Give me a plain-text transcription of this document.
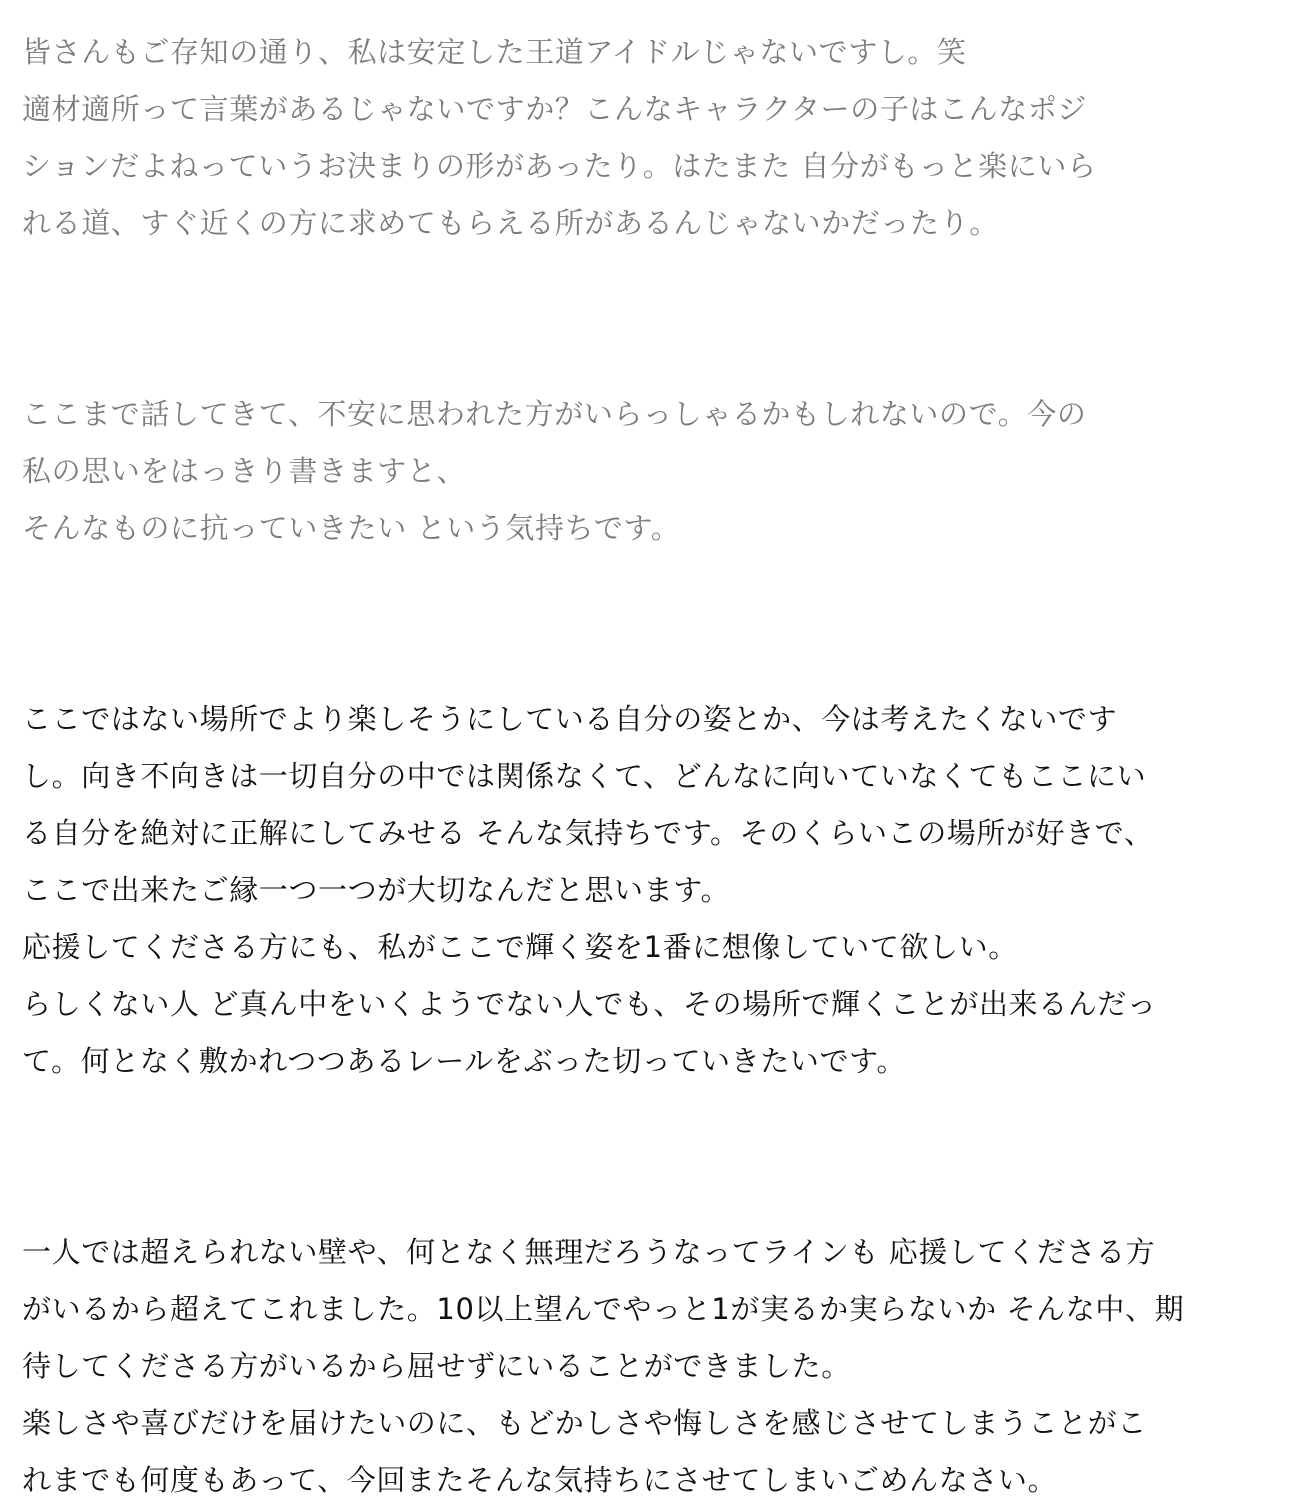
皆さんもご存知の通り、私は安定した王道アイドルじゃないですし。笑
適材適所って言葉があるじゃないですか？こんなキャラクターの子はこんなポジ
ションだよねっていうお決まりの形があったり。はたまた 自分がもっと楽にいら
れる道、すぐ近くの方に求めてもらえる所があるんじゃないかだったり。
ここまで話してきて、不安に思われた方がいらっしゃるかもしれないので。今の
私の思いをはっきり書きますと、
そんなものに抗っていきたい という気持ちです。
ここではない場所でより楽しそうにしている自分の姿とか、今は考えたくないです
し。向き不向きは一切自分の中では関係なくて、どんなに向いていなくてもここにい
る自分を絶対に正解にしてみせる そんな気持ちです。そのくらいこの場所が好きで、
ここで出来たご縁一つ一つが大切なんだと思います。
応援してくださる方にも、私がここで輝く姿を1番に想像していて欲しい。
らしくない人 ど真ん中をいくようでない人でも、その場所で輝くことが出来るんだっ
て。何となく敷かれつつあるレールをぶった切っていきたいです。
一人では超えられない壁や、何となく無理だろうなってラインも 応援してくださる方
がいるから超えてこれました。10以上望んでやっと1が実るか実らないか そんな中、期
待してくださる方がいるから屈せずにいることができました。
楽しさや喜びだけを届けたいのに、もどかしさや悔しさを感じさせてしまうことがこ
れまでも何度もあって、今回またそんな気持ちにさせてしまいごめんなさい。
